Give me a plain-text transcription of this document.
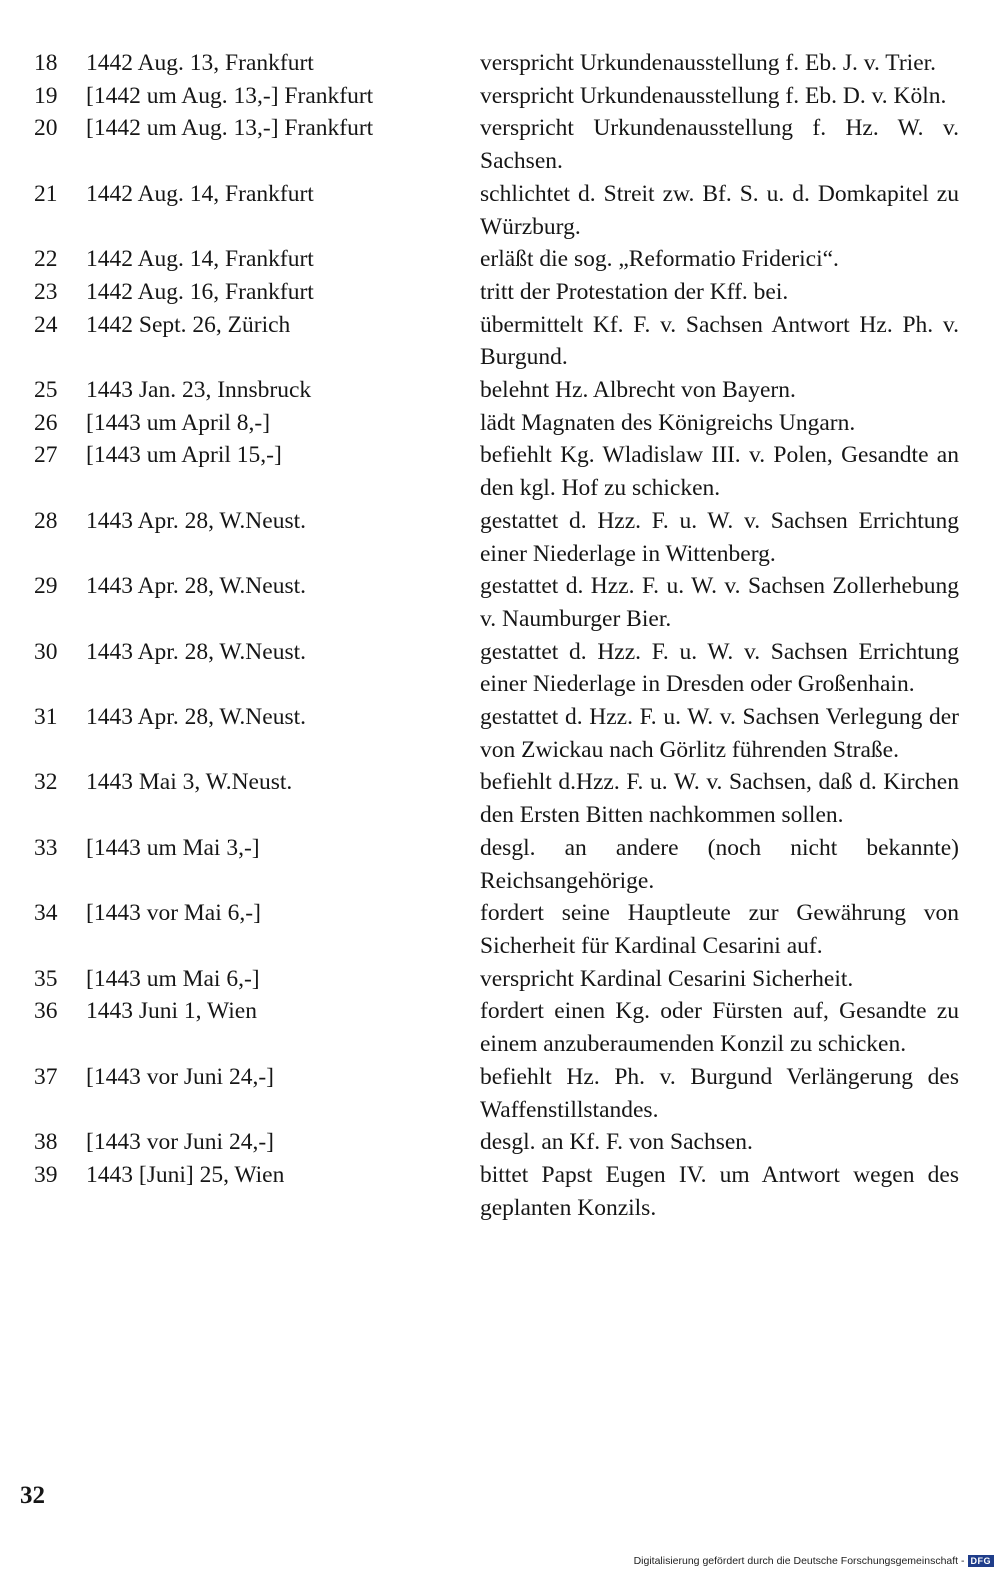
18	1442 Aug. 13, Frankfurt	verspricht Urkundenausstellung f. Eb. J. v. Trier.
19	[1442 um Aug. 13,-] Frankfurt	verspricht Urkundenausstellung f. Eb. D. v. Köln.
20	[1442 um Aug. 13,-] Frankfurt	verspricht Urkundenausstellung f. Hz. W. v. Sachsen.
21	1442 Aug. 14, Frankfurt	schlichtet d. Streit zw. Bf. S. u. d. Domkapitel zu Würzburg.
22	1442 Aug. 14, Frankfurt	erläßt die sog. „Reformatio Friderici“.
23	1442 Aug. 16, Frankfurt	tritt der Protestation der Kff. bei.
24	1442 Sept. 26, Zürich	übermittelt Kf. F. v. Sachsen Antwort Hz. Ph. v. Burgund.
25	1443 Jan. 23, Innsbruck	belehnt Hz. Albrecht von Bayern.
26	[1443 um April 8,-]	lädt Magnaten des Königreichs Ungarn.
27	[1443 um April 15,-]	befiehlt Kg. Wladislaw III. v. Polen, Gesandte an den kgl. Hof zu schicken.
28	1443 Apr. 28, W.Neust.	gestattet d. Hzz. F. u. W. v. Sachsen Errichtung einer Niederlage in Wittenberg.
29	1443 Apr. 28, W.Neust.	gestattet d. Hzz. F. u. W. v. Sachsen Zollerhebung v. Naumburger Bier.
30	1443 Apr. 28, W.Neust.	gestattet d. Hzz. F. u. W. v. Sachsen Errichtung einer Niederlage in Dresden oder Großenhain.
31	1443 Apr. 28, W.Neust.	gestattet d. Hzz. F. u. W. v. Sachsen Verlegung der von Zwickau nach Görlitz führenden Straße.
32	1443 Mai 3, W.Neust.	befiehlt d.Hzz. F. u. W. v. Sachsen, daß d. Kirchen den Ersten Bitten nachkommen sollen.
33	[1443 um Mai 3,-]	desgl. an andere (noch nicht bekannte) Reichsangehörige.
34	[1443 vor Mai 6,-]	fordert seine Hauptleute zur Gewährung von Sicherheit für Kardinal Cesarini auf.
35	[1443 um Mai 6,-]	verspricht Kardinal Cesarini Sicherheit.
36	1443 Juni 1, Wien	fordert einen Kg. oder Fürsten auf, Gesandte zu einem anzuberaumenden Konzil zu schicken.
37	[1443 vor Juni 24,-]	befiehlt Hz. Ph. v. Burgund Verlängerung des Waffenstillstandes.
38	[1443 vor Juni 24,-]	desgl. an Kf. F. von Sachsen.
39	1443 [Juni] 25, Wien	bittet Papst Eugen IV. um Antwort wegen des geplanten Konzils.
32
Digitalisierung gefördert durch die Deutsche Forschungsgemeinschaft - DFG
